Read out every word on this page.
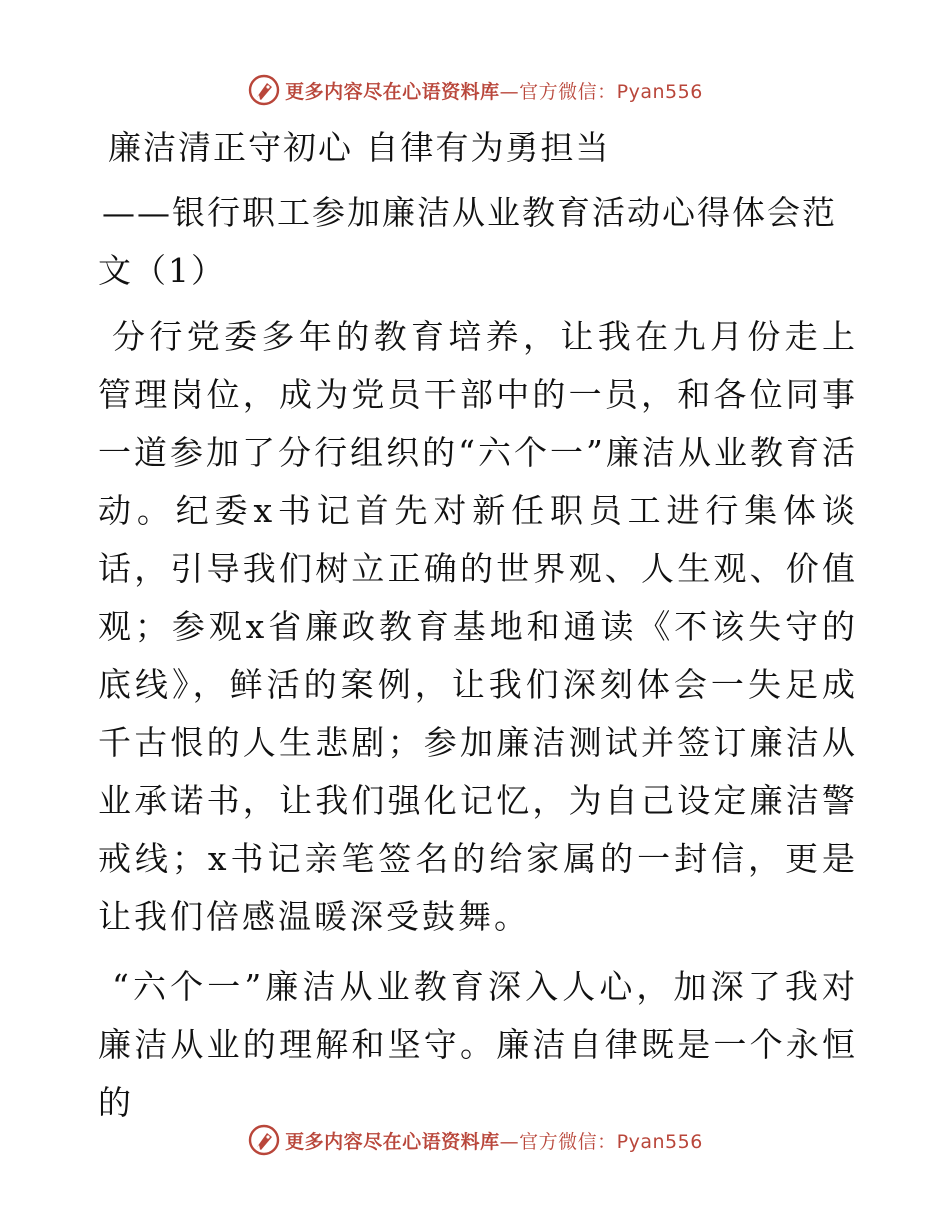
更多内容尽在心语资料库—官方微信：Pyan556
廉洁清正守初心 自律有为勇担当
——银行职工参加廉洁从业教育活动心得体会范文（1）

分行党委多年的教育培养，让我在九月份走上管理岗位，成为党员干部中的一员，和各位同事一道参加了分行组织的“六个一”廉洁从业教育活动。纪委x书记首先对新任职员工进行集体谈话，引导我们树立正确的世界观、人生观、价值观；参观x省廉政教育基地和通读《不该失守的底线》，鲜活的案例，让我们深刻体会一失足成千古恨的人生悲剧；参加廉洁测试并签订廉洁从业承诺书，让我们强化记忆，为自己设定廉洁警戒线；x书记亲笔签名的给家属的一封信，更是让我们倍感温暖深受鼓舞。

“六个一”廉洁从业教育深入人心，加深了我对廉洁从业的理解和坚守。廉洁自律既是一个永恒的

更多内容尽在心语资料库—官方微信：Pyan556
